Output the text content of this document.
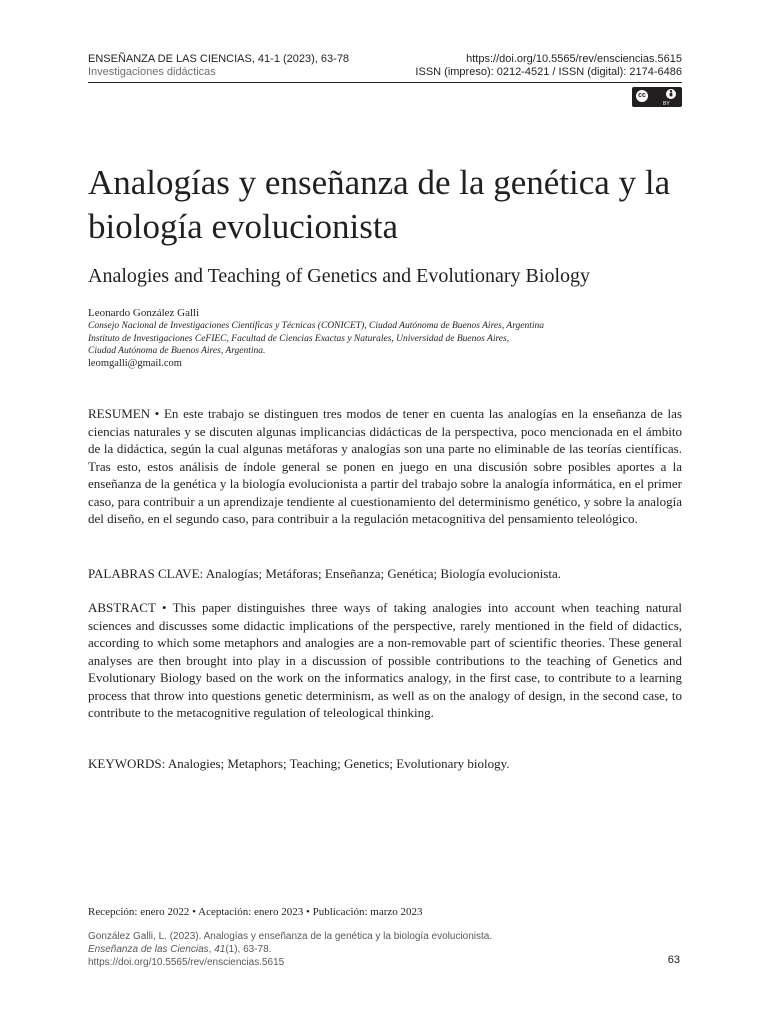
ENSEÑANZA DE LAS CIENCIAS, 41-1 (2023), 63-78
Investigaciones didácticas
https://doi.org/10.5565/rev/ensciencias.5615
ISSN (impreso): 0212-4521 / ISSN (digital): 2174-6486
cc
BY
Analogías y enseñanza de la genética y la biología evolucionista
Analogies and Teaching of Genetics and Evolutionary Biology
Leonardo González Galli
Consejo Nacional de Investigaciones Científicas y Técnicas (CONICET), Ciudad Autónoma de Buenos Aires, Argentina
Instituto de Investigaciones CeFIEC, Facultad de Ciencias Exactas y Naturales, Universidad de Buenos Aires,
Ciudad Autónoma de Buenos Aires, Argentina.
leomgalli@gmail.com

RESUMEN • En este trabajo se distinguen tres modos de tener en cuenta las analogías en la enseñanza de las ciencias naturales y se discuten algunas implicancias didácticas de la perspectiva, poco mencionada en el ámbito de la didáctica, según la cual algunas metáforas y analogías son una parte no eliminable de las teorías científicas. Tras esto, estos análisis de índole general se ponen en juego en una discusión sobre posibles aportes a la enseñanza de la genética y la biología evolucionista a partir del trabajo sobre la analogía informática, en el primer caso, para contribuir a un aprendizaje tendiente al cuestionamiento del determinismo genético, y sobre la analogía del diseño, en el segundo caso, para contribuir a la regulación metacognitiva del pensamiento teleológico.

PALABRAS CLAVE: Analogías; Metáforas; Enseñanza; Genética; Biología evolucionista.

ABSTRACT • This paper distinguishes three ways of taking analogies into account when teaching natural sciences and discusses some didactic implications of the perspective, rarely mentioned in the field of didactics, according to which some metaphors and analogies are a non-removable part of scientific theories. These general analyses are then brought into play in a discussion of possible contributions to the teaching of Genetics and Evolutionary Biology based on the work on the informatics analogy, in the first case, to contribute to a learning process that throw into questions genetic determinism, as well as on the analogy of design, in the second case, to contribute to the metacognitive regulation of teleological thinking.

KEYWORDS: Analogies; Metaphors; Teaching; Genetics; Evolutionary biology.

Recepción: enero 2022 • Aceptación: enero 2023 • Publicación: marzo 2023
González Galli, L. (2023). Analogías y enseñanza de la genética y la biología evolucionista.
Enseñanza de las Ciencias, 41(1), 63-78.
https://doi.org/10.5565/rev/ensciencias.5615	63
